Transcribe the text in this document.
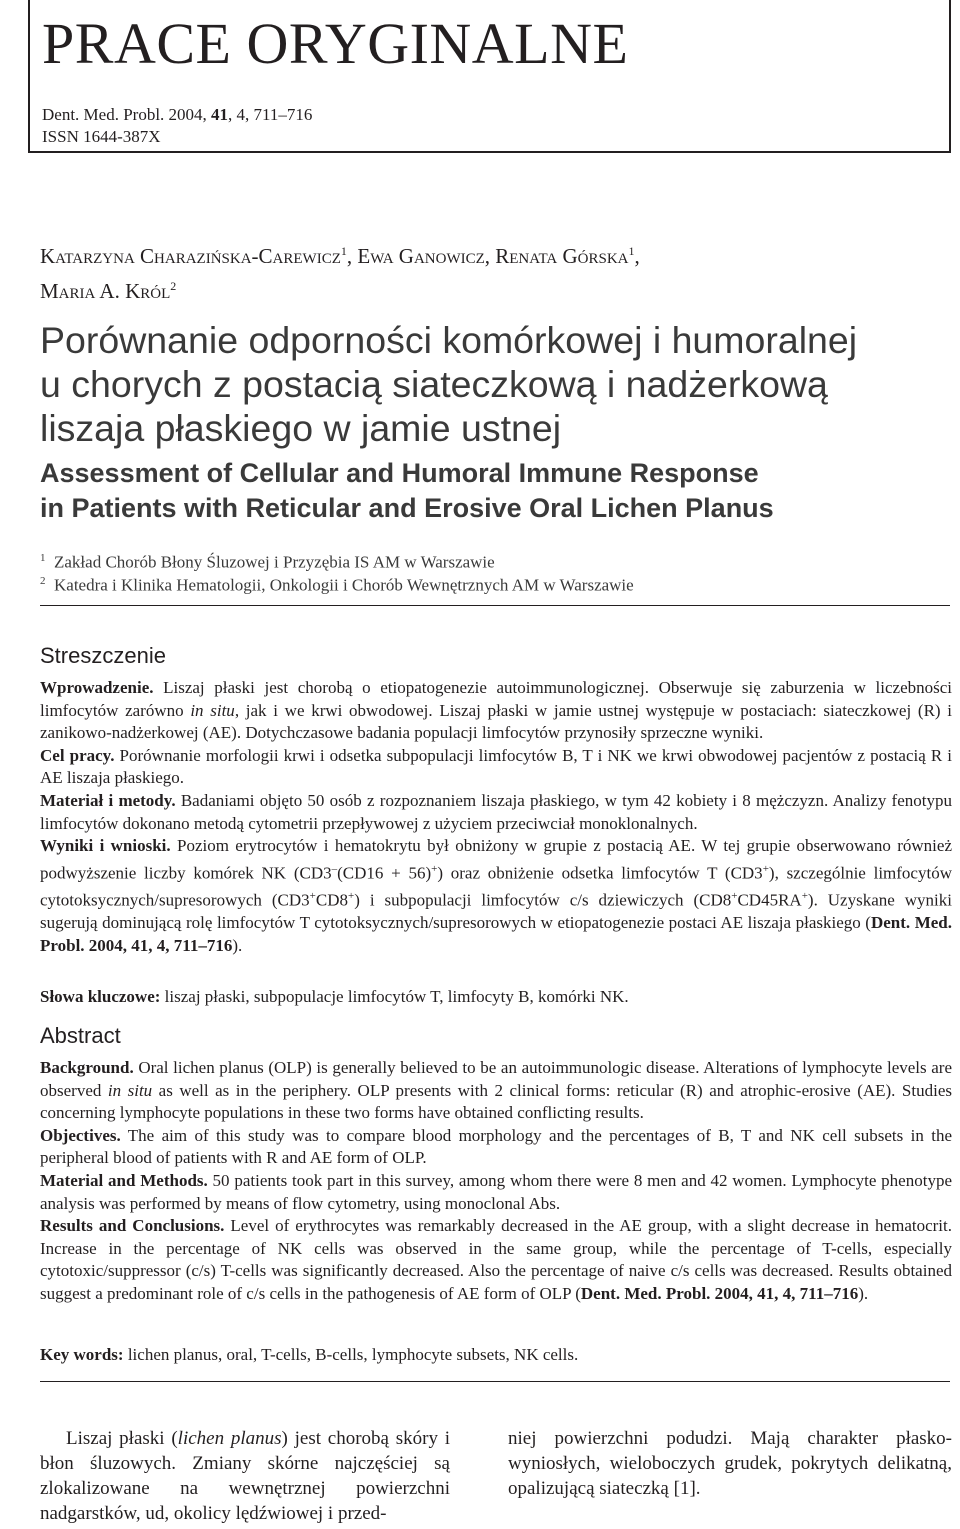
PRACE ORYGINALNE
Dent. Med. Probl. 2004, 41, 4, 711–716
ISSN 1644-387X
Katarzyna Charazińska-Carewicz$^1$, Ewa Ganowicz, Renata Górska$^1$,
Maria A. Król$^2$
Porównanie odporności komórkowej i humoralnej
u chorych z postacią siateczkową i nadżerkową
liszaja płaskiego w jamie ustnej
Assessment of Cellular and Humoral Immune Response
in Patients with Reticular and Erosive Oral Lichen Planus
$^1$ Zakład Chorób Błony Śluzowej i Przyzębia IS AM w Warszawie
$^2$ Katedra i Klinika Hematologii, Onkologii i Chorób Wewnętrznych AM w Warszawie
Streszczenie

Wprowadzenie. Liszaj płaski jest chorobą o etiopatogenezie autoimmunologicznej. Obserwuje się zaburzenia w liczebności limfocytów zarówno in situ, jak i we krwi obwodowej. Liszaj płaski w jamie ustnej występuje w postaciach: siateczkowej (R) i zanikowo-nadżerkowej (AE). Dotychczasowe badania populacji limfocytów przynosiły sprzeczne wyniki.

Cel pracy. Porównanie morfologii krwi i odsetka subpopulacji limfocytów B, T i NK we krwi obwodowej pacjentów z postacią R i AE liszaja płaskiego.

Materiał i metody. Badaniami objęto 50 osób z rozpoznaniem liszaja płaskiego, w tym 42 kobiety i 8 mężczyzn. Analizy fenotypu limfocytów dokonano metodą cytometrii przepływowej z użyciem przeciwciał monoklonalnych.

Wyniki i wnioski. Poziom erytrocytów i hematokrytu był obniżony w grupie z postacią AE. W tej grupie obserwowano również podwyższenie liczby komórek NK (CD3–(CD16 + 56)+) oraz obniżenie odsetka limfocytów T (CD3+), szczególnie limfocytów cytotoksycznych/supresorowych (CD3+CD8+) i subpopulacji limfocytów c/s dziewiczych (CD8+CD45RA+). Uzyskane wyniki sugerują dominującą rolę limfocytów T cytotoksycznych/supresorowych w etiopatogenezie postaci AE liszaja płaskiego (Dent. Med. Probl. 2004, 41, 4, 711–716).

Słowa kluczowe: liszaj płaski, subpopulacje limfocytów T, limfocyty B, komórki NK.
Abstract

Background. Oral lichen planus (OLP) is generally believed to be an autoimmunologic disease. Alterations of lymphocyte levels are observed in situ as well as in the periphery. OLP presents with 2 clinical forms: reticular (R) and atrophic-erosive (AE). Studies concerning lymphocyte populations in these two forms have obtained conflicting results.

Objectives. The aim of this study was to compare blood morphology and the percentages of B, T and NK cell subsets in the peripheral blood of patients with R and AE form of OLP.

Material and Methods. 50 patients took part in this survey, among whom there were 8 men and 42 women. Lymphocyte phenotype analysis was performed by means of flow cytometry, using monoclonal Abs.

Results and Conclusions. Level of erythrocytes was remarkably decreased in the AE group, with a slight decrease in hematocrit. Increase in the percentage of NK cells was observed in the same group, while the percentage of T-cells, especially cytotoxic/suppressor (c/s) T-cells was significantly decreased. Also the percentage of naive c/s cells was decreased. Results obtained suggest a predominant role of c/s cells in the pathogenesis of AE form of OLP (Dent. Med. Probl. 2004, 41, 4, 711–716).

Key words: lichen planus, oral, T-cells, B-cells, lymphocyte subsets, NK cells.

Liszaj płaski (lichen planus) jest chorobą skóry i błon śluzowych. Zmiany skórne najczęściej są zlokalizowane na wewnętrznej powierzchni nadgarstków, ud, okolicy lędźwiowej i przed-

niej powierzchni podudzi. Mają charakter płasko-wyniosłych, wieloboczych grudek, pokrytych delikatną, opalizującą siateczką [1].
